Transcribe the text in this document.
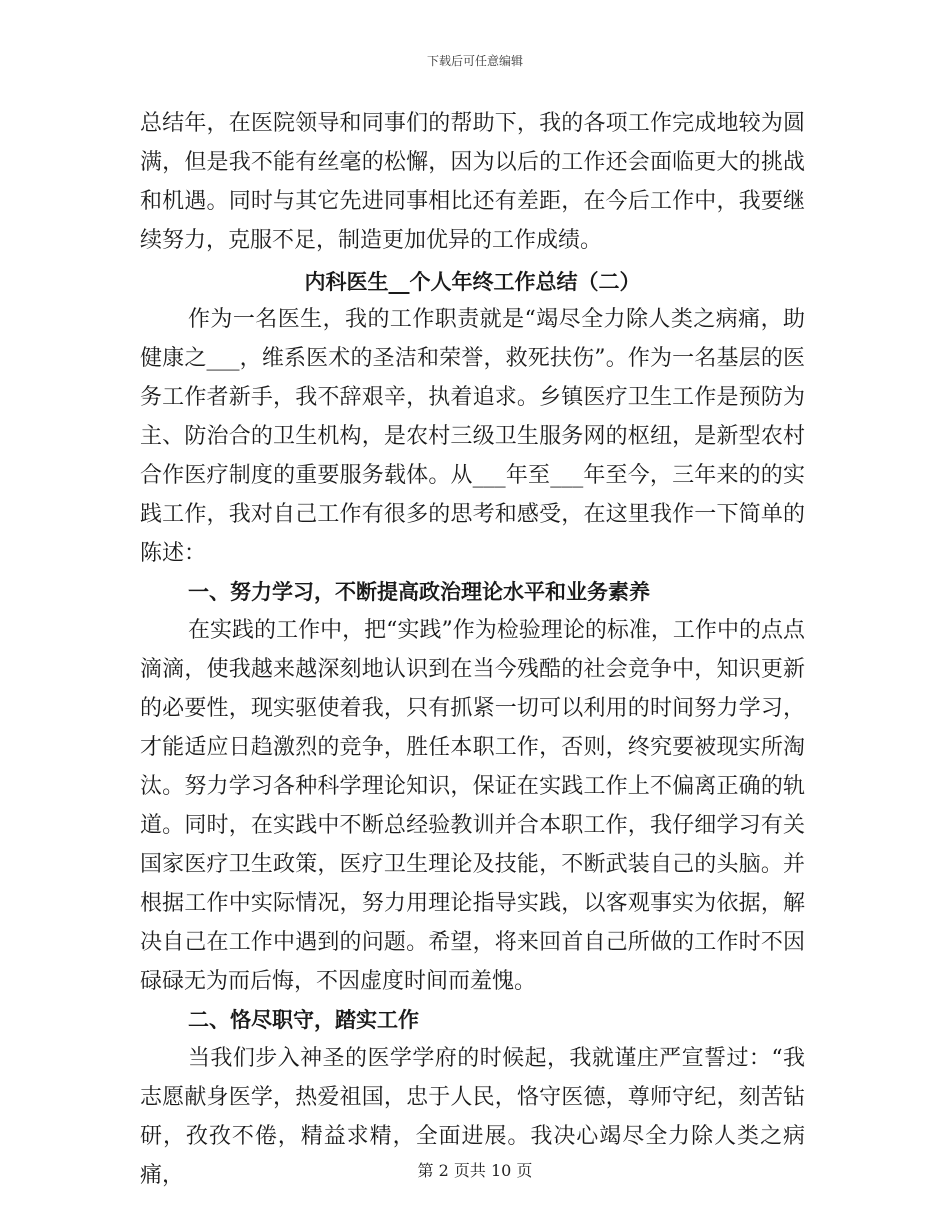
下载后可任意编辑

总结年，在医院领导和同事们的帮助下，我的各项工作完成地较为圆满，但是我不能有丝毫的松懈，因为以后的工作还会面临更大的挑战和机遇。同时与其它先进同事相比还有差距，在今后工作中，我要继续努力，克服不足，制造更加优异的工作成绩。

内科医生__个人年终工作总结（二）

作为一名医生，我的工作职责就是“竭尽全力除人类之病痛，助健康之___，维系医术的圣洁和荣誉，救死扶伤”。作为一名基层的医务工作者新手，我不辞艰辛，执着追求。乡镇医疗卫生工作是预防为主、防治合的卫生机构，是农村三级卫生服务网的枢纽，是新型农村合作医疗制度的重要服务载体。从___年至___年至今，三年来的的实践工作，我对自己工作有很多的思考和感受，在这里我作一下简单的陈述：

一、努力学习，不断提高政治理论水平和业务素养

在实践的工作中，把“实践”作为检验理论的标准，工作中的点点滴滴，使我越来越深刻地认识到在当今残酷的社会竞争中，知识更新的必要性，现实驱使着我，只有抓紧一切可以利用的时间努力学习，才能适应日趋激烈的竞争，胜任本职工作，否则，终究要被现实所淘汰。努力学习各种科学理论知识，保证在实践工作上不偏离正确的轨道。同时，在实践中不断总经验教训并合本职工作，我仔细学习有关国家医疗卫生政策，医疗卫生理论及技能，不断武装自己的头脑。并根据工作中实际情况，努力用理论指导实践，以客观事实为依据，解决自己在工作中遇到的问题。希望，将来回首自己所做的工作时不因碌碌无为而后悔，不因虚度时间而羞愧。

二、恪尽职守，踏实工作

当我们步入神圣的医学学府的时候起，我就谨庄严宣誓过：“我志愿献身医学，热爱祖国，忠于人民，恪守医德，尊师守纪，刻苦钻研，孜孜不倦，精益求精，全面进展。我决心竭尽全力除人类之病痛，	第 2 页共 10 页
